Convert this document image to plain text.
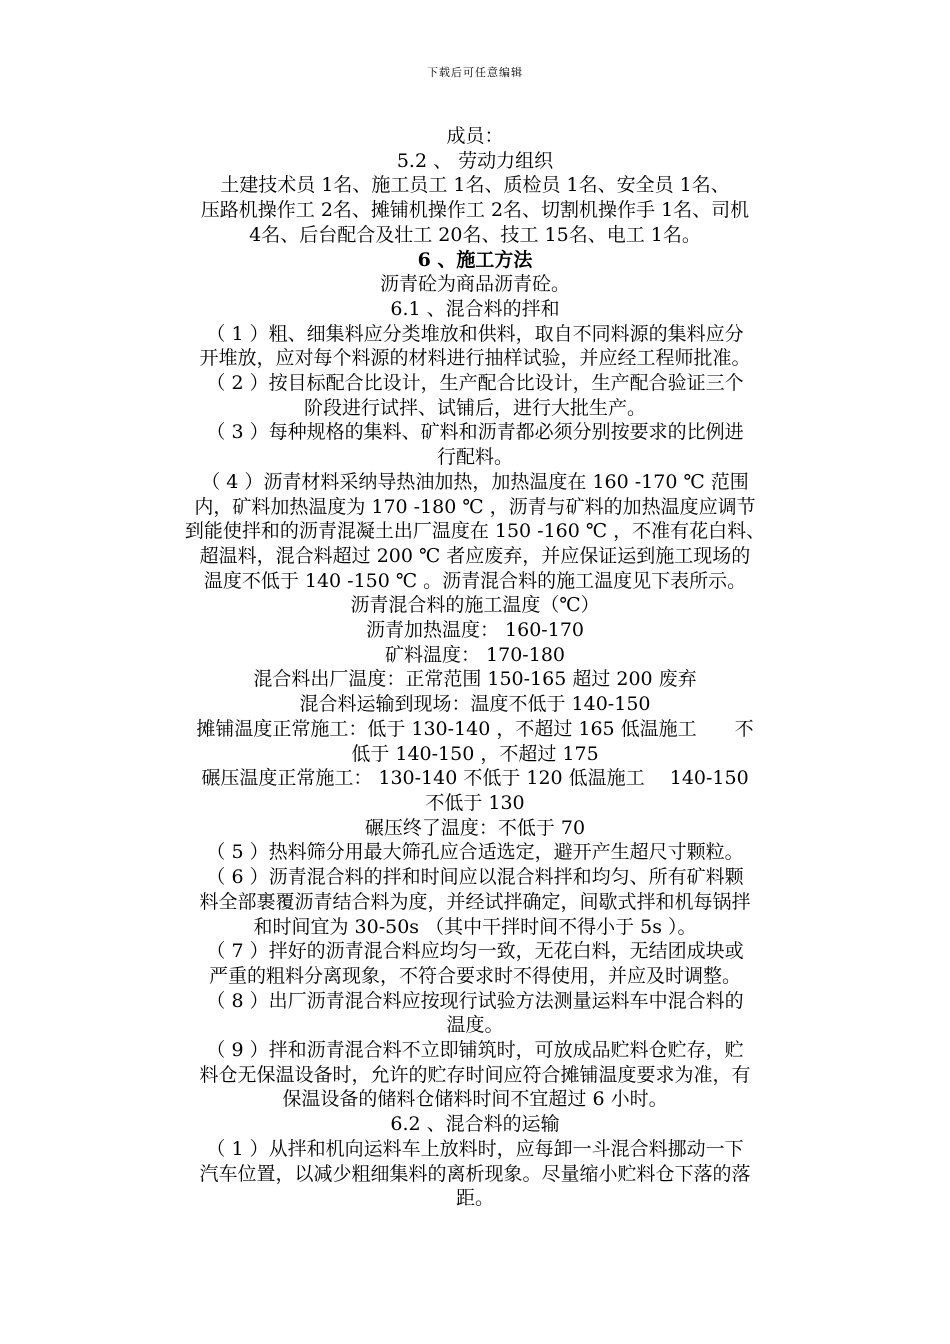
下载后可任意编辑

成员：

5.2 、 劳动力组织

土建技术员 1名、施工员工 1名、质检员 1名、安全员 1名、

压路机操作工 2名、摊铺机操作工 2名、切割机操作手 1名、司机

4名、后台配合及壮工 20名、技工 15名、电工 1名。

6 、施工方法

沥青砼为商品沥青砼。

6.1 、混合料的拌和

（ 1 ）粗、细集料应分类堆放和供料，取自不同料源的集料应分

开堆放，应对每个料源的材料进行抽样试验，并应经工程师批准。

（ 2 ）按目标配合比设计，生产配合比设计，生产配合验证三个

阶段进行试拌、试铺后，进行大批生产。

（ 3 ）每种规格的集料、矿料和沥青都必须分别按要求的比例进

行配料。

（ 4 ）沥青材料采纳导热油加热，加热温度在 160 -170 ℃ 范围

内，矿料加热温度为 170 -180 ℃ ，沥青与矿料的加热温度应调节

到能使拌和的沥青混凝土出厂温度在 150 -160 ℃ ，不准有花白料、

超温料，混合料超过 200 ℃ 者应废弃，并应保证运到施工现场的

温度不低于 140 -150 ℃ 。沥青混合料的施工温度见下表所示。

沥青混合料的施工温度（℃）

沥青加热温度： 160-170

矿料温度： 170-180

混合料出厂温度：正常范围 150-165 超过 200 废弃

混合料运输到现场：温度不低于 140-150

摊铺温度正常施工：低于 130-140 ，不超过 165 低温施工　　不

低于 140-150 ，不超过 175

碾压温度正常施工： 130-140 不低于 120 低温施工　 140-150

不低于 130

碾压终了温度：不低于 70

（ 5 ）热料筛分用最大筛孔应合适选定，避开产生超尺寸颗粒。

（ 6 ）沥青混合料的拌和时间应以混合料拌和均匀、所有矿料颗

料全部裹覆沥青结合料为度，并经试拌确定，间歇式拌和机每锅拌

和时间宜为 30-50s （其中干拌时间不得小于 5s ）。

（ 7 ）拌好的沥青混合料应均匀一致，无花白料，无结团成块或

严重的粗料分离现象，不符合要求时不得使用，并应及时调整。

（ 8 ）出厂沥青混合料应按现行试验方法测量运料车中混合料的

温度。

（ 9 ）拌和沥青混合料不立即铺筑时，可放成品贮料仓贮存，贮

料仓无保温设备时，允许的贮存时间应符合摊铺温度要求为准，有

保温设备的储料仓储料时间不宜超过 6 小时。

6.2 、混合料的运输

（ 1 ）从拌和机向运料车上放料时，应每卸一斗混合料挪动一下

汽车位置，以减少粗细集料的离析现象。尽量缩小贮料仓下落的落

距。
